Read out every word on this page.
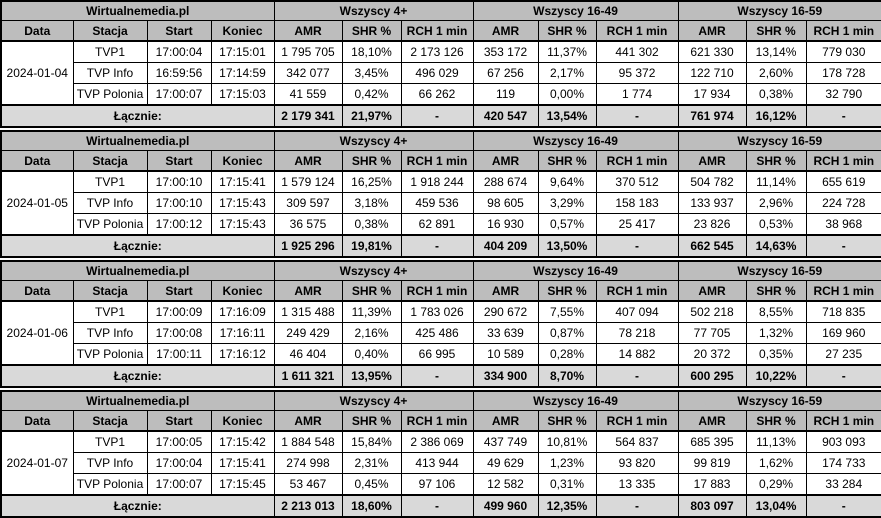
Wirtualnemedia.pl				Wszyscy 4+			Wszyscy 16-49			Wszyscy 16-59		
Data	Stacja	Start	Koniec	AMR	SHR %	RCH 1 min	AMR	SHR %	RCH 1 min	AMR	SHR %	RCH 1 min
2024-01-04	TVP1	17:00:04	17:15:01	1 795 705	18,10%	2 173 126	353 172	11,37%	441 302	621 330	13,14%	779 030
	TVP Info	16:59:56	17:14:59	342 077	3,45%	496 029	67 256	2,17%	95 372	122 710	2,60%	178 728
	TVP Polonia	17:00:07	17:15:03	41 559	0,42%	66 262	119	0,00%	1 774	17 934	0,38%	32 790
Łącznie:				2 179 341	21,97%	-	420 547	13,54%	-	761 974	16,12%	-
Wirtualnemedia.pl				Wszyscy 4+			Wszyscy 16-49			Wszyscy 16-59		
Data	Stacja	Start	Koniec	AMR	SHR %	RCH 1 min	AMR	SHR %	RCH 1 min	AMR	SHR %	RCH 1 min
2024-01-05	TVP1	17:00:10	17:15:41	1 579 124	16,25%	1 918 244	288 674	9,64%	370 512	504 782	11,14%	655 619
	TVP Info	17:00:10	17:15:43	309 597	3,18%	459 536	98 605	3,29%	158 183	133 937	2,96%	224 728
	TVP Polonia	17:00:12	17:15:43	36 575	0,38%	62 891	16 930	0,57%	25 417	23 826	0,53%	38 968
Łącznie:				1 925 296	19,81%	-	404 209	13,50%	-	662 545	14,63%	-
Wirtualnemedia.pl				Wszyscy 4+			Wszyscy 16-49			Wszyscy 16-59		
Data	Stacja	Start	Koniec	AMR	SHR %	RCH 1 min	AMR	SHR %	RCH 1 min	AMR	SHR %	RCH 1 min
2024-01-06	TVP1	17:00:09	17:16:09	1 315 488	11,39%	1 783 026	290 672	7,55%	407 094	502 218	8,55%	718 835
	TVP Info	17:00:08	17:16:11	249 429	2,16%	425 486	33 639	0,87%	78 218	77 705	1,32%	169 960
	TVP Polonia	17:00:11	17:16:12	46 404	0,40%	66 995	10 589	0,28%	14 882	20 372	0,35%	27 235
Łącznie:				1 611 321	13,95%	-	334 900	8,70%	-	600 295	10,22%	-
Wirtualnemedia.pl				Wszyscy 4+			Wszyscy 16-49			Wszyscy 16-59		
Data	Stacja	Start	Koniec	AMR	SHR %	RCH 1 min	AMR	SHR %	RCH 1 min	AMR	SHR %	RCH 1 min
2024-01-07	TVP1	17:00:05	17:15:42	1 884 548	15,84%	2 386 069	437 749	10,81%	564 837	685 395	11,13%	903 093
	TVP Info	17:00:04	17:15:41	274 998	2,31%	413 944	49 629	1,23%	93 820	99 819	1,62%	174 733
	TVP Polonia	17:00:07	17:15:45	53 467	0,45%	97 106	12 582	0,31%	13 335	17 883	0,29%	33 284
Łącznie:				2 213 013	18,60%	-	499 960	12,35%	-	803 097	13,04%	-
